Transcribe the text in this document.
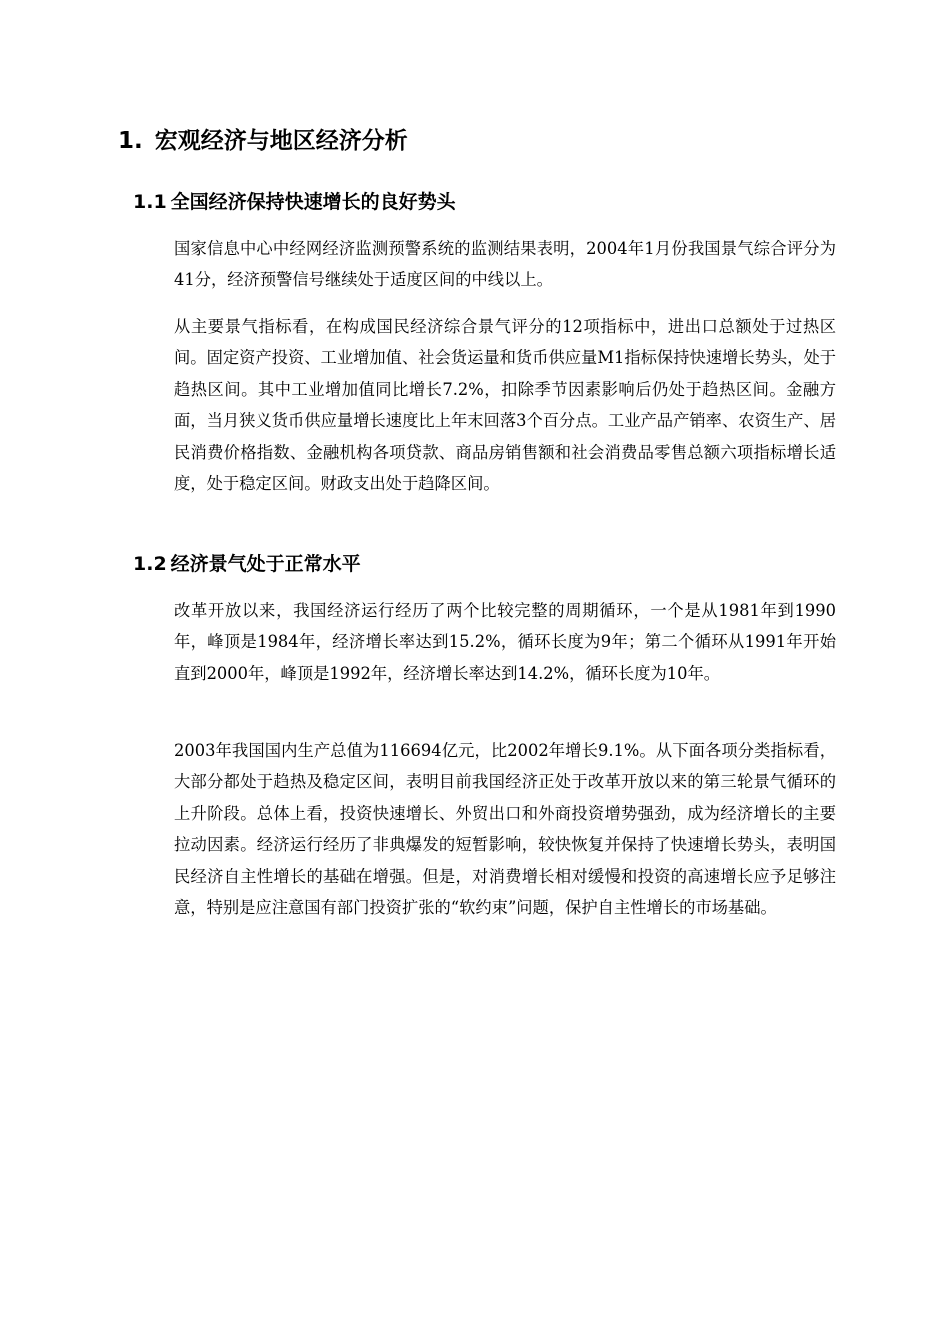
1. 宏观经济与地区经济分析
1.1 全国经济保持快速增长的良好势头

国家信息中心中经网经济监测预警系统的监测结果表明，2004年1月份我国景气综合评分为41分，经济预警信号继续处于适度区间的中线以上。

从主要景气指标看，在构成国民经济综合景气评分的12项指标中，进出口总额处于过热区间。固定资产投资、工业增加值、社会货运量和货币供应量M1指标保持快速增长势头，处于趋热区间。其中工业增加值同比增长7.2%，扣除季节因素影响后仍处于趋热区间。金融方面，当月狭义货币供应量增长速度比上年末回落3个百分点。工业产品产销率、农资生产、居民消费价格指数、金融机构各项贷款、商品房销售额和社会消费品零售总额六项指标增长适度，处于稳定区间。财政支出处于趋降区间。

1.2 经济景气处于正常水平

改革开放以来，我国经济运行经历了两个比较完整的周期循环，一个是从1981年到1990年，峰顶是1984年，经济增长率达到15.2%，循环长度为9年；第二个循环从1991年开始直到2000年，峰顶是1992年，经济增长率达到14.2%，循环长度为10年。

2003年我国国内生产总值为116694亿元，比2002年增长9.1%。从下面各项分类指标看，大部分都处于趋热及稳定区间，表明目前我国经济正处于改革开放以来的第三轮景气循环的上升阶段。总体上看，投资快速增长、外贸出口和外商投资增势强劲，成为经济增长的主要拉动因素。经济运行经历了非典爆发的短暂影响，较快恢复并保持了快速增长势头，表明国民经济自主性增长的基础在增强。但是，对消费增长相对缓慢和投资的高速增长应予足够注意，特别是应注意国有部门投资扩张的“软约束”问题，保护自主性增长的市场基础。
